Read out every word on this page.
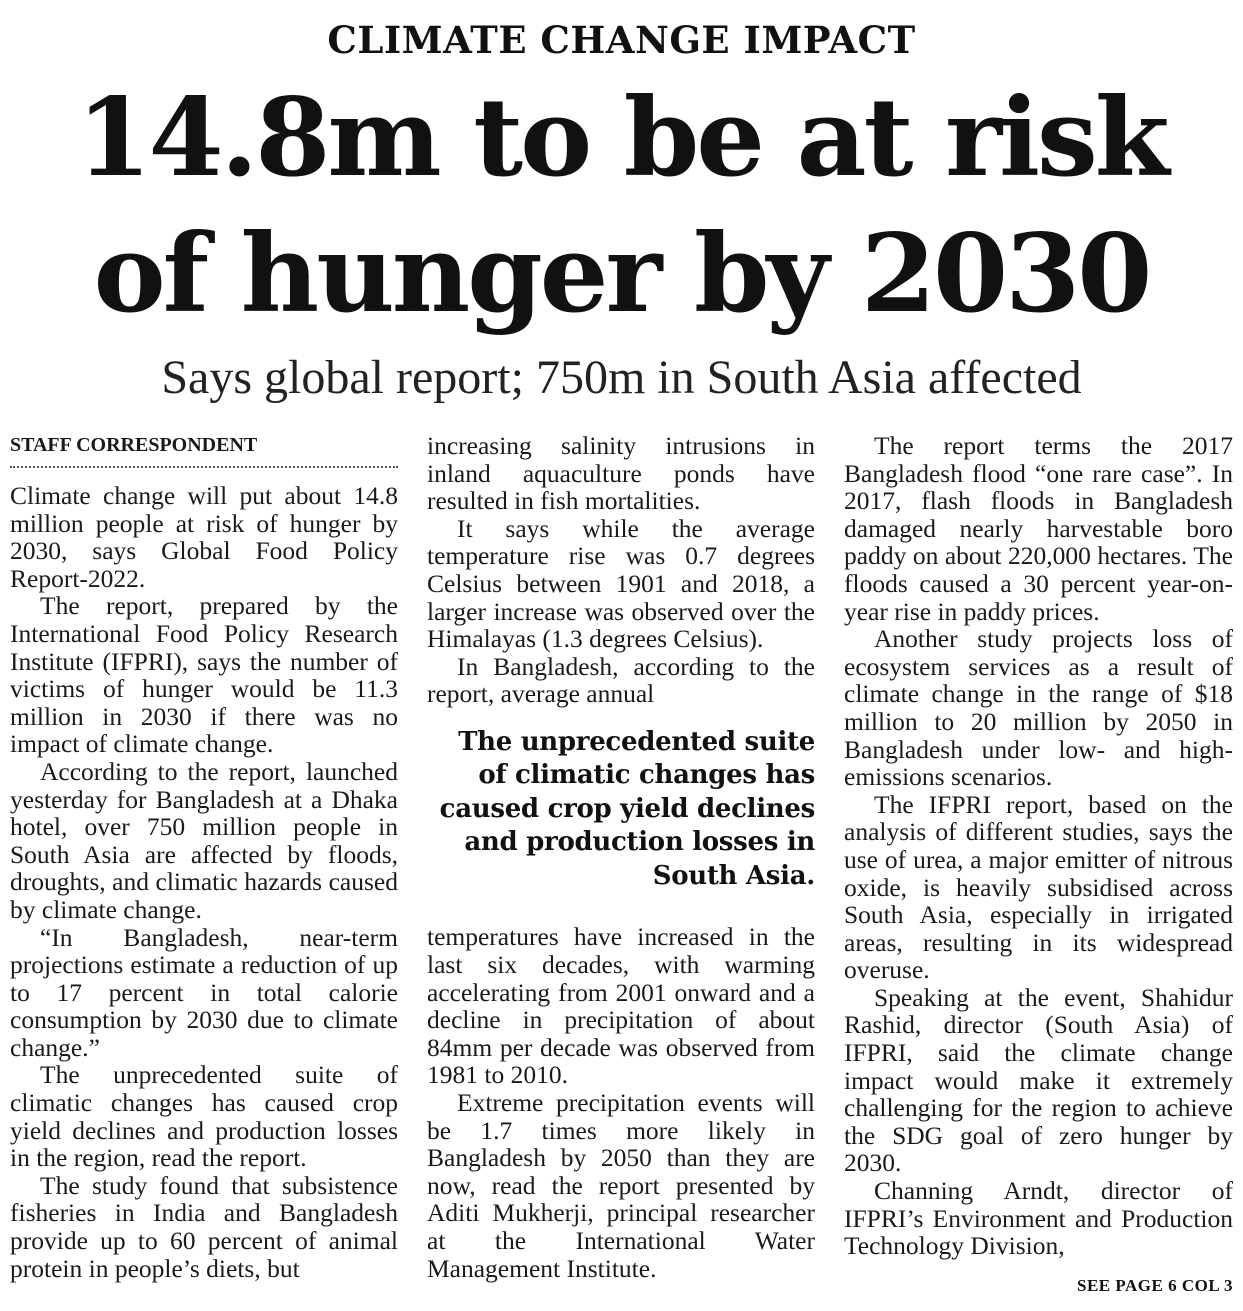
CLIMATE CHANGE IMPACT
14.8m to be at risk
of hunger by 2030
Says global report; 750m in South Asia affected
STAFF CORRESPONDENT

Climate change will put about 14.8 million people at risk of hunger by 2030, says Global Food Policy Report-2022.

The report, prepared by the International Food Policy Research Institute (IFPRI), says the number of victims of hunger would be 11.3 million in 2030 if there was no impact of climate change.

According to the report, launched yesterday for Bangladesh at a Dhaka hotel, over 750 million people in South Asia are affected by floods, droughts, and climatic hazards caused by climate change.

“In Bangladesh, near-term projections estimate a reduction of up to 17 percent in total calorie consumption by 2030 due to climate change.”

The unprecedented suite of climatic changes has caused crop yield declines and production losses in the region, read the report.

The study found that subsistence fisheries in India and Bangladesh provide up to 60 percent of animal protein in people’s diets, but

increasing salinity intrusions in inland aquaculture ponds have resulted in fish mortalities.

It says while the average temperature rise was 0.7 degrees Celsius between 1901 and 2018, a larger increase was observed over the Himalayas (1.3 degrees Celsius).

In Bangladesh, according to the report, average annual

The unprecedented suite of climatic changes has caused crop yield declines and production losses in South Asia.

temperatures have increased in the last six decades, with warming accelerating from 2001 onward and a decline in precipitation of about 84mm per decade was observed from 1981 to 2010.

Extreme precipitation events will be 1.7 times more likely in Bangladesh by 2050 than they are now, read the report presented by Aditi Mukherji, principal researcher at the International Water Management Institute.

The report terms the 2017 Bangladesh flood “one rare case”. In 2017, flash floods in Bangladesh damaged nearly harvestable boro paddy on about 220,000 hectares. The floods caused a 30 percent year-on-year rise in paddy prices.

Another study projects loss of ecosystem services as a result of climate change in the range of $18 million to 20 million by 2050 in Bangladesh under low- and high-emissions scenarios.

The IFPRI report, based on the analysis of different studies, says the use of urea, a major emitter of nitrous oxide, is heavily subsidised across South Asia, especially in irrigated areas, resulting in its widespread overuse.

Speaking at the event, Shahidur Rashid, director (South Asia) of IFPRI, said the climate change impact would make it extremely challenging for the region to achieve the SDG goal of zero hunger by 2030.

Channing Arndt, director of IFPRI’s Environment and Production Technology Division,

SEE PAGE 6 COL 3
